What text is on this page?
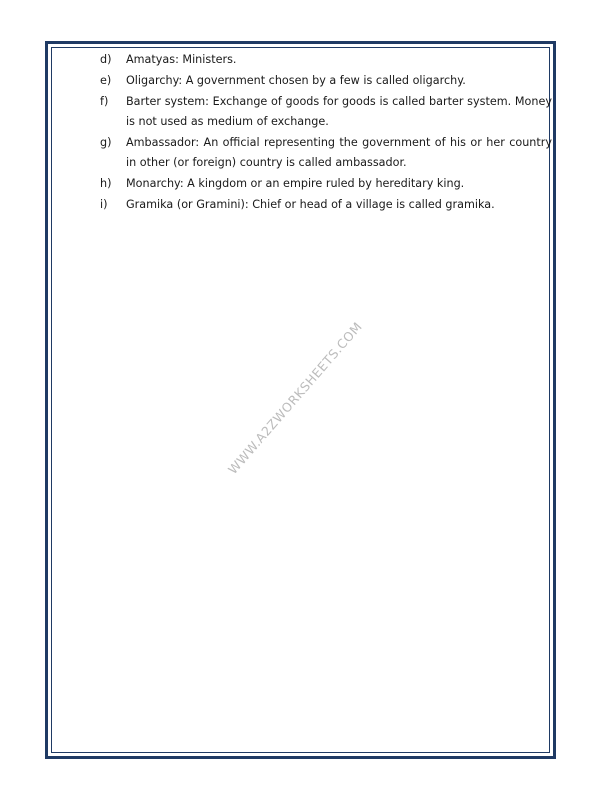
d)	Amatyas: Ministers.
e)	Oligarchy: A government chosen by a few is called oligarchy.
f)	Barter system: Exchange of goods for goods is called barter system. Money is not used as medium of exchange.
g)	Ambassador: An official representing the government of his or her country in other (or foreign) country is called ambassador.
h)	Monarchy: A kingdom or an empire ruled by hereditary king.
i)	Gramika (or Gramini): Chief or head of a village is called gramika.
WWW.A2ZWORKSHEETS.COM
